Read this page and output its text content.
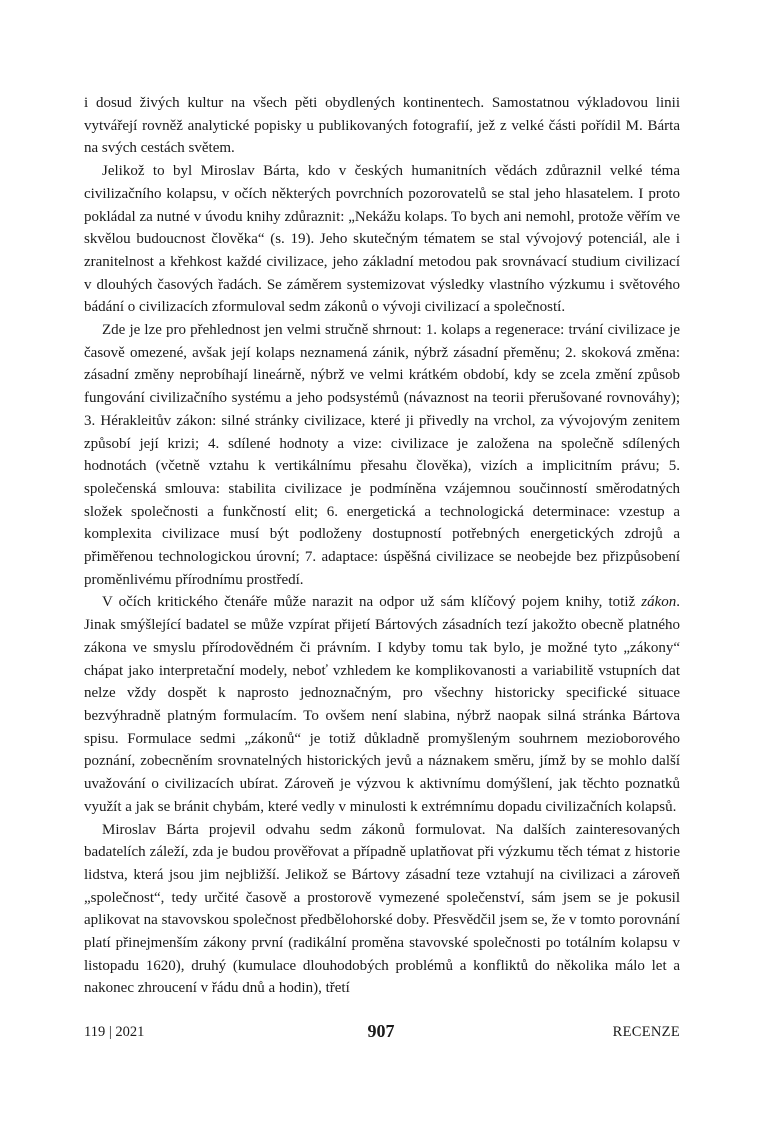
i dosud živých kultur na všech pěti obydlených kontinentech. Samostatnou výkladovou linii vytvářejí rovněž analytické popisky u publikovaných fotografií, jež z velké části pořídil M. Bárta na svých cestách světem.

Jelikož to byl Miroslav Bárta, kdo v českých humanitních vědách zdůraznil velké téma civilizačního kolapsu, v očích některých povrchních pozorovatelů se stal jeho hlasatelem. I proto pokládal za nutné v úvodu knihy zdůraznit: „Nekážu kolaps. To bych ani nemohl, protože věřím ve skvělou budoucnost člověka“ (s. 19). Jeho skutečným tématem se stal vývojový potenciál, ale i zranitelnost a křehkost každé civilizace, jeho základní metodou pak srovnávací studium civilizací v dlouhých časových řadách. Se záměrem systemizovat výsledky vlastního výzkumu i světového bádání o civilizacích zformuloval sedm zákonů o vývoji civilizací a společností.

Zde je lze pro přehlednost jen velmi stručně shrnout: 1. kolaps a regenerace: trvání civilizace je časově omezené, avšak její kolaps neznamená zánik, nýbrž zásadní přeměnu; 2. skoková změna: zásadní změny neprobíhají lineárně, nýbrž ve velmi krátkém období, kdy se zcela změní způsob fungování civilizačního systému a jeho podsystémů (návaznost na teorii přerušované rovnováhy); 3. Hérakleitův zákon: silné stránky civilizace, které ji přivedly na vrchol, za vývojovým zenitem způsobí její krizi; 4. sdílené hodnoty a vize: civilizace je založena na společně sdílených hodnotách (včetně vztahu k vertikálnímu přesahu člověka), vizích a implicitním právu; 5. společenská smlouva: stabilita civilizace je podmíněna vzájemnou součinností směrodatných složek společnosti a funkčností elit; 6. energetická a technologická determinace: vzestup a komplexita civilizace musí být podloženy dostupností potřebných energetických zdrojů a přiměřenou technologickou úrovní; 7. adaptace: úspěšná civilizace se neobejde bez přizpůsobení proměnlivému přírodnímu prostředí.

V očích kritického čtenáře může narazit na odpor už sám klíčový pojem knihy, totiž zákon. Jinak smýšlející badatel se může vzpírat přijetí Bártových zásadních tezí jakožto obecně platného zákona ve smyslu přírodovědném či právním. I kdyby tomu tak bylo, je možné tyto „zákony“ chápat jako interpretační modely, neboť vzhledem ke komplikovanosti a variabilitě vstupních dat nelze vždy dospět k naprosto jednoznačným, pro všechny historicky specifické situace bezvýhradně platným formulacím. To ovšem není slabina, nýbrž naopak silná stránka Bártova spisu. Formulace sedmi „zákonů“ je totiž důkladně promyšleným souhrnem mezioborového poznání, zobecněním srovnatelných historických jevů a náznakem směru, jímž by se mohlo další uvažování o civilizacích ubírat. Zároveň je výzvou k aktivnímu domýšlení, jak těchto poznatků využít a jak se bránit chybám, které vedly v minulosti k extrémnímu dopadu civilizačních kolapsů.

Miroslav Bárta projevil odvahu sedm zákonů formulovat. Na dalších zainteresovaných badatelích záleží, zda je budou prověřovat a případně uplatňovat při výzkumu těch témat z historie lidstva, která jsou jim nejbližší. Jelikož se Bártovy zásadní teze vztahují na civilizaci a zároveň „společnost“, tedy určité časově a prostorově vymezené společenství, sám jsem se je pokusil aplikovat na stavovskou společnost předbělohorské doby. Přesvědčil jsem se, že v tomto porovnání platí přinejmenším zákony první (radikální proměna stavovské společnosti po totálním kolapsu v listopadu 1620), druhý (kumulace dlouhodobých problémů a konfliktů do několika málo let a nakonec zhroucení v řádu dnů a hodin), třetí

119 | 2021	907	RECENZE
